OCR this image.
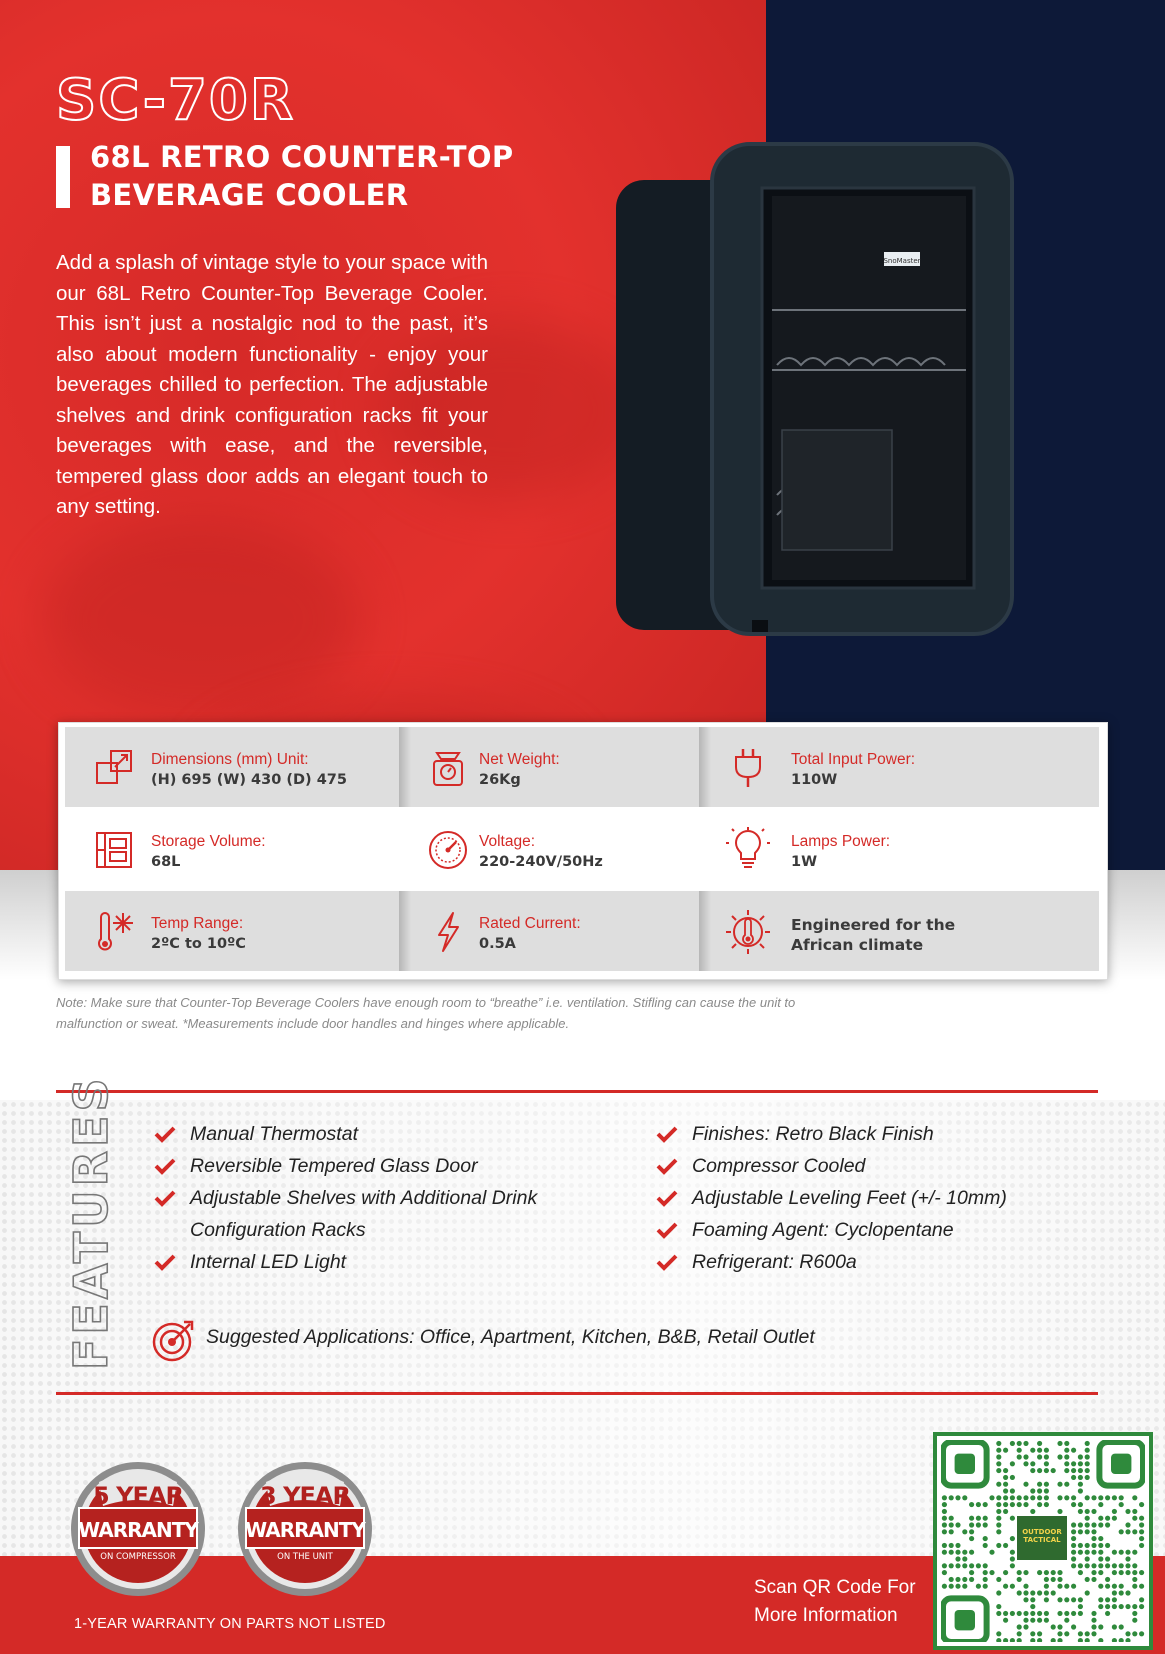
SC-70R
68L RETRO COUNTER-TOP
BEVERAGE COOLER

Add a splash of vintage style to your space with our 68L Retro Counter-Top Beverage Cooler. This isn’t just a nostalgic nod to the past, it’s also about modern functionality - enjoy your beverages chilled to perfection. The adjustable shelves and drink configuration racks fit your beverages with ease, and the reversible, tempered glass door adds an elegant touch to any setting.

SnoMaster
Dimensions (mm) Unit:
(H) 695 (W) 430 (D) 475
Net Weight:
26Kg
Total Input Power:
110W
Storage Volume:
68L
Voltage:
220-240V/50Hz
Lamps Power:
1W
Temp Range:
2ºC to 10ºC
Rated Current:
0.5A
Engineered for the African climate

Note: Make sure that Counter-Top Beverage Coolers have enough room to “breathe” i.e. ventilation. Stifling can cause the unit to malfunction or sweat. *Measurements include door handles and hinges where applicable.

FEATURES	Manual Thermostat
Reversible Tempered Glass Door
Adjustable Shelves with Additional Drink Configuration Racks
Internal LED Light
Finishes: Retro Black Finish
Compressor Cooled
Adjustable Leveling Feet (+/- 10mm)
Foaming Agent: Cyclopentane
Refrigerant: R600a
Suggested Applications: Office, Apartment, Kitchen, B&B, Retail Outlet
5 YEAR
WARRANTY
ON COMPRESSOR
3 YEAR
WARRANTY
ON THE UNIT
1-YEAR WARRANTY ON PARTS NOT LISTED

Scan QR Code For
More Information

OUTDOOR TACTICAL
